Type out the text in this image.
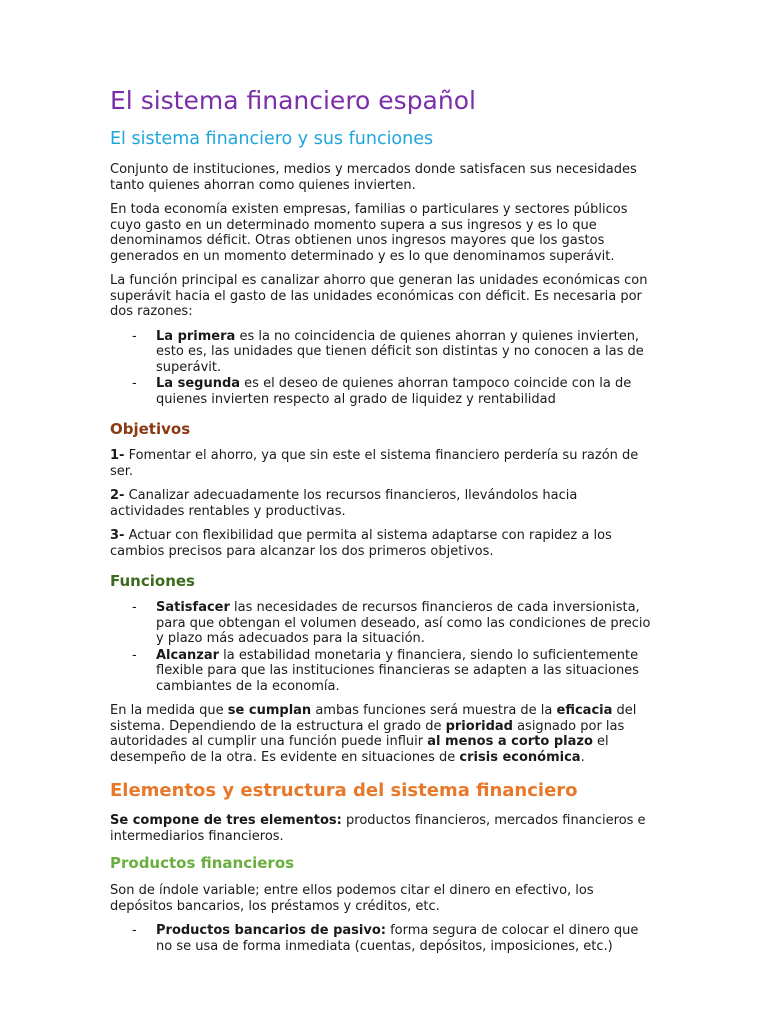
El sistema financiero español
El sistema financiero y sus funciones

Conjunto de instituciones, medios y mercados donde satisfacen sus necesidades tanto quienes ahorran como quienes invierten.

En toda economía existen empresas, familias o particulares y sectores públicos cuyo gasto en un determinado momento supera a sus ingresos y es lo que denominamos déficit. Otras obtienen unos ingresos mayores que los gastos generados en un momento determinado y es lo que denominamos superávit.

La función principal es canalizar ahorro que generan las unidades económicas con superávit hacia el gasto de las unidades económicas con déficit. Es necesaria por dos razones:

- La primera es la no coincidencia de quienes ahorran y quienes invierten, esto es, las unidades que tienen déficit son distintas y no conocen a las de superávit.
- La segunda es el deseo de quienes ahorran tampoco coincide con la de quienes invierten respecto al grado de liquidez y rentabilidad
Objetivos

1- Fomentar el ahorro, ya que sin este el sistema financiero perdería su razón de ser.

2- Canalizar adecuadamente los recursos financieros, llevándolos hacia actividades rentables y productivas.

3- Actuar con flexibilidad que permita al sistema adaptarse con rapidez a los cambios precisos para alcanzar los dos primeros objetivos.

Funciones
- Satisfacer las necesidades de recursos financieros de cada inversionista, para que obtengan el volumen deseado, así como las condiciones de precio y plazo más adecuados para la situación.
- Alcanzar la estabilidad monetaria y financiera, siendo lo suficientemente flexible para que las instituciones financieras se adapten a las situaciones cambiantes de la economía.

En la medida que se cumplan ambas funciones será muestra de la eficacia del sistema. Dependiendo de la estructura el grado de prioridad asignado por las autoridades al cumplir una función puede influir al menos a corto plazo el desempeño de la otra. Es evidente en situaciones de crisis económica.

Elementos y estructura del sistema financiero

Se compone de tres elementos: productos financieros, mercados financieros e intermediarios financieros.

Productos financieros

Son de índole variable; entre ellos podemos citar el dinero en efectivo, los depósitos bancarios, los préstamos y créditos, etc.

- Productos bancarios de pasivo: forma segura de colocar el dinero que no se usa de forma inmediata (cuentas, depósitos, imposiciones, etc.)
